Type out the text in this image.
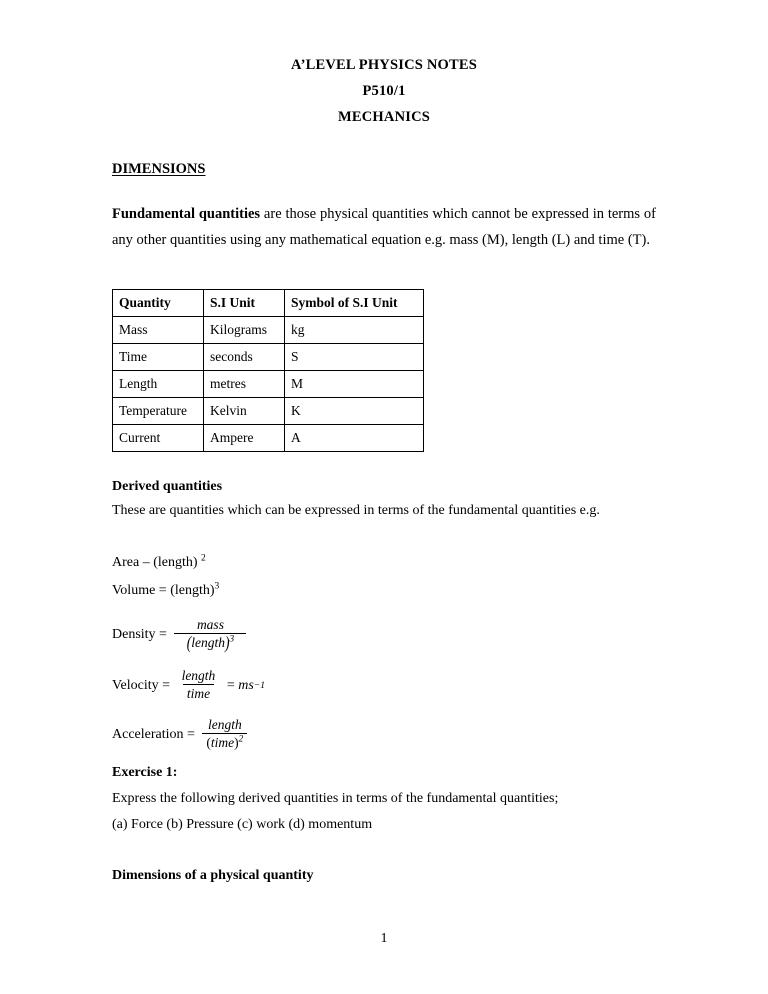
A’LEVEL PHYSICS NOTES
P510/1
MECHANICS
DIMENSIONS

Fundamental quantities are those physical quantities which cannot be expressed in terms of any other quantities using any mathematical equation e.g. mass (M), length (L) and time (T).

Quantity	S.I Unit	Symbol of S.I Unit
Mass	Kilograms	kg
Time	seconds	S
Length	metres	M
Temperature	Kelvin	K
Current	Ampere	A
Derived quantities
These are quantities which can be expressed in terms of the fundamental quantities e.g.
Area – (length) $^2$
Volume = (length)$^3$
Density = $\frac{\text{mass}}{(length)^3}$
Velocity = $\frac{\text{length}}{\text{time}}$ = ms −1
Acceleration = $\frac{\text{length}}{(time)^2}$
Exercise 1:
Express the following derived quantities in terms of the fundamental quantities;
(a) Force (b) Pressure (c) work (d) momentum
Dimensions of a physical quantity
1
